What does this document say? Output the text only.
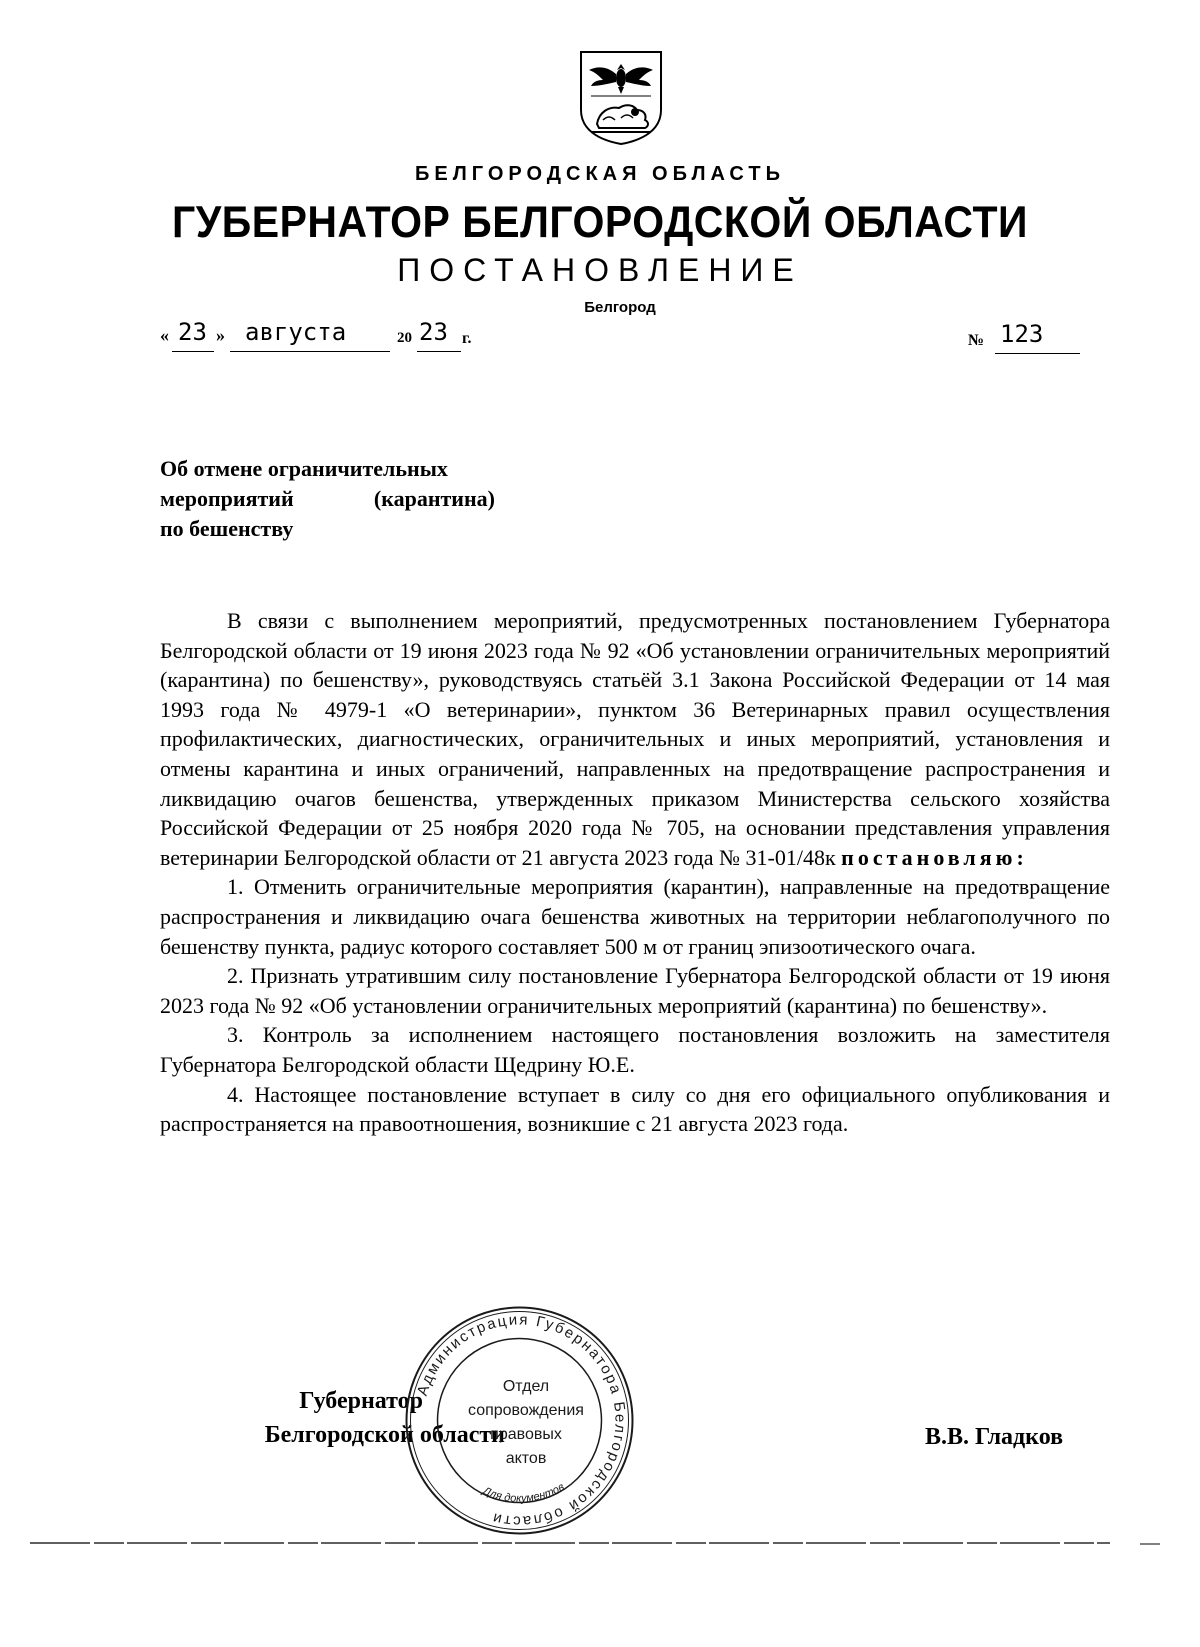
БЕЛГОРОДСКАЯ ОБЛАСТЬ
ГУБЕРНАТОР БЕЛГОРОДСКОЙ ОБЛАСТИ
ПОСТАНОВЛЕНИЕ
Белгород
« 23 » августа	20 23 г.	№ 123
Об отмене ограничительных
мероприятий	(карантина)
по бешенству
В связи с выполнением мероприятий, предусмотренных постановлением Губернатора Белгородской области от 19 июня 2023 года № 92 «Об установлении ограничительных мероприятий (карантина) по бешенству», руководствуясь статьёй 3.1 Закона Российской Федерации от 14 мая 1993 года № 4979-1 «О ветеринарии», пунктом 36 Ветеринарных правил осуществления профилактических, диагностических, ограничительных и иных мероприятий, установления и отмены карантина и иных ограничений, направленных на предотвращение распространения и ликвидацию очагов бешенства, утвержденных приказом Министерства сельского хозяйства Российской Федерации от 25 ноября 2020 года № 705, на основании представления управления ветеринарии Белгородской области от 21 августа 2023 года № 31-01/48к постановляю:
1. Отменить ограничительные мероприятия (карантин), направленные на предотвращение распространения и ликвидацию очага бешенства животных на территории неблагополучного по бешенству пункта, радиус которого составляет 500 м от границ эпизоотического очага.
2. Признать утратившим силу постановление Губернатора Белгородской области от 19 июня 2023 года № 92 «Об установлении ограничительных мероприятий (карантина) по бешенству».
3. Контроль за исполнением настоящего постановления возложить на заместителя Губернатора Белгородской области Щедрину Ю.Е.
4. Настоящее постановление вступает в силу со дня его официального опубликования и распространяется на правоотношения, возникшие с 21 августа 2023 года.
Губернатор
Белгородской области	В.В. Гладков
Администрация Губернатора Белгородской области
Отдел
сопровождения
правовых
актов
Для документов
